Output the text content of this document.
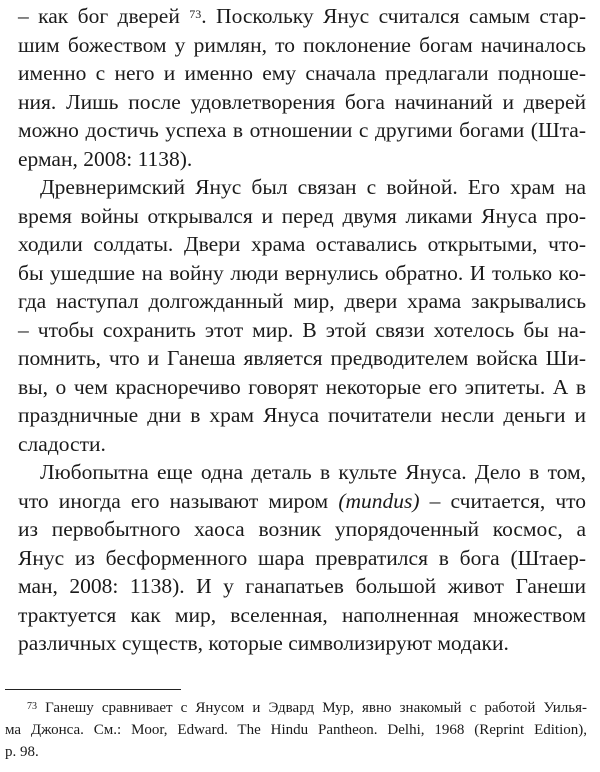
– как бог дверей $^{73}$. Поскольку Янус считался самым стар-
шим божеством у римлян, то поклонение богам начиналось
именно с него и именно ему сначала предлагали подноше-
ния. Лишь после удовлетворения бога начинаний и дверей
можно достичь успеха в отношении с другими богами (Шта-
ерман, 2008: 1138).
Древнеримский Янус был связан с войной. Его храм на
время войны открывался и перед двумя ликами Януса про-
ходили солдаты. Двери храма оставались открытыми, что-
бы ушедшие на войну люди вернулись обратно. И только ко-
гда наступал долгожданный мир, двери храма закрывались
– чтобы сохранить этот мир. В этой связи хотелось бы на-
помнить, что и Ганеша является предводителем войска Ши-
вы, о чем красноречиво говорят некоторые его эпитеты. А в
праздничные дни в храм Януса почитатели несли деньги и
сладости.
Любопытна еще одна деталь в культе Януса. Дело в том,
что иногда его называют миром (mundus) – считается, что
из первобытного хаоса возник упорядоченный космос, а
Янус из бесформенного шара превратился в бога (Штаер-
ман, 2008: 1138). И у ганапатьев большой живот Ганеши
трактуется как мир, вселенная, наполненная множеством
различных существ, которые символизируют модаки.
$^{73}$ Ганешу сравнивает с Янусом и Эдвард Мур, явно знакомый с работой Уилья-
ма Джонса. См.: Moor, Edward. The Hindu Pantheon. Delhi, 1968 (Reprint Edition),
p. 98.
